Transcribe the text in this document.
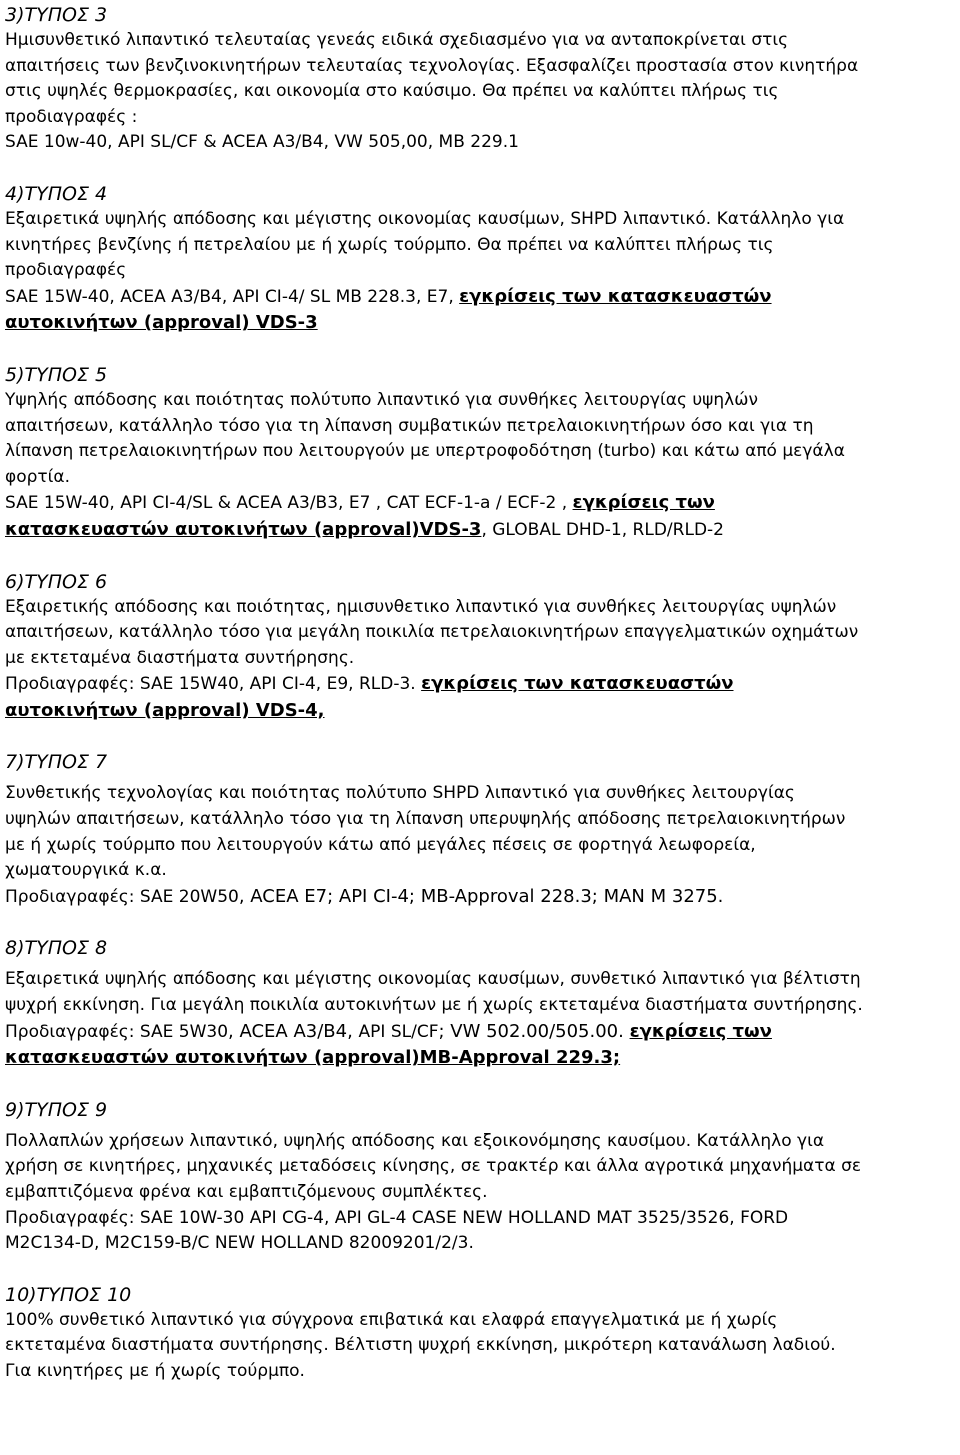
3)ΤΥΠΟΣ 3
Ημισυνθετικό λιπαντικό τελευταίας γενεάς ειδικά σχεδιασμένο για να ανταποκρίνεται στις
απαιτήσεις των βενζινοκινητήρων τελευταίας τεχνολογίας. Εξασφαλίζει προστασία στον κινητήρα
στις υψηλές θερμοκρασίες, και οικονομία στο καύσιμο. Θα πρέπει να καλύπτει πλήρως τις
προδιαγραφές :
SAE 10w-40, API SL/CF & ACEA A3/B4, VW 505,00, MB 229.1
4)ΤΥΠΟΣ 4
Εξαιρετικά υψηλής απόδοσης και μέγιστης οικονομίας καυσίμων, SHPD λιπαντικό. Κατάλληλο για
κινητήρες βενζίνης ή πετρελαίου με ή χωρίς τούρμπο. Θα πρέπει να καλύπτει πλήρως τις
προδιαγραφές
SAE 15W-40, ACEA A3/B4, API CI-4/ SL MB 228.3, E7, εγκρίσεις των κατασκευαστών
αυτοκινήτων (approval) VDS-3
5)ΤΥΠΟΣ 5
Υψηλής απόδοσης και ποιότητας πολύτυπο λιπαντικό για συνθήκες λειτουργίας υψηλών
απαιτήσεων, κατάλληλο τόσο για τη λίπανση συμβατικών πετρελαιοκινητήρων όσο και για τη
λίπανση πετρελαιοκινητήρων που λειτουργούν με υπερτροφοδότηση (turbo) και κάτω από μεγάλα
φορτία.
SAE 15W-40, API CI-4/SL & ACEA A3/B3, E7 , CAT ECF-1-a / ECF-2 , εγκρίσεις των
κατασκευαστών αυτοκινήτων (approval)VDS-3, GLOBAL DHD-1, RLD/RLD-2
6)ΤΥΠΟΣ 6
Εξαιρετικής απόδοσης και ποιότητας, ημισυνθετικο λιπαντικό για συνθήκες λειτουργίας υψηλών
απαιτήσεων, κατάλληλο τόσο για μεγάλη ποικιλία πετρελαιοκινητήρων επαγγελματικών οχημάτων
με εκτεταμένα διαστήματα συντήρησης.
Προδιαγραφές: SAE 15W40, API CI-4, E9, RLD-3. εγκρίσεις των κατασκευαστών
αυτοκινήτων (approval) VDS-4,
7)ΤΥΠΟΣ 7
Συνθετικής τεχνολογίας και ποιότητας πολύτυπο SHPD λιπαντικό για συνθήκες λειτουργίας
υψηλών απαιτήσεων, κατάλληλο τόσο για τη λίπανση υπερυψηλής απόδοσης πετρελαιοκινητήρων
με ή χωρίς τούρμπο που λειτουργούν κάτω από μεγάλες πέσεις σε φορτηγά λεωφορεία,
χωματουργικά κ.α.
Προδιαγραφές: SAE 20W50, ACEA E7; API CI-4; MB-Approval 228.3; MAN M 3275.
8)ΤΥΠΟΣ 8
Εξαιρετικά υψηλής απόδοσης και μέγιστης οικονομίας καυσίμων, συνθετικό λιπαντικό για βέλτιστη
ψυχρή εκκίνηση. Για μεγάλη ποικιλία αυτοκινήτων με ή χωρίς εκτεταμένα διαστήματα συντήρησης.
Προδιαγραφές: SAE 5W30, ACEA A3/B4, API SL/CF; VW 502.00/505.00. εγκρίσεις των
κατασκευαστών αυτοκινήτων (approval)MB-Approval 229.3;
9)ΤΥΠΟΣ 9
Πολλαπλών χρήσεων λιπαντικό, υψηλής απόδοσης και εξοικονόμησης καυσίμου. Κατάλληλο για
χρήση σε κινητήρες, μηχανικές μεταδόσεις κίνησης, σε τρακτέρ και άλλα αγροτικά μηχανήματα σε
εμβαπτιζόμενα φρένα και εμβαπτιζόμενους συμπλέκτες.
Προδιαγραφές: SAE 10W-30 API CG-4, API GL-4 CASE NEW HOLLAND MAT 3525/3526, FORD
M2C134-D, M2C159-B/C NEW HOLLAND 82009201/2/3.
10)ΤΥΠΟΣ 10
100% συνθετικό λιπαντικό για σύγχρονα επιβατικά και ελαφρά επαγγελματικά με ή χωρίς
εκτεταμένα διαστήματα συντήρησης. Βέλτιστη ψυχρή εκκίνηση, μικρότερη κατανάλωση λαδιού.
Για κινητήρες με ή χωρίς τούρμπο.
